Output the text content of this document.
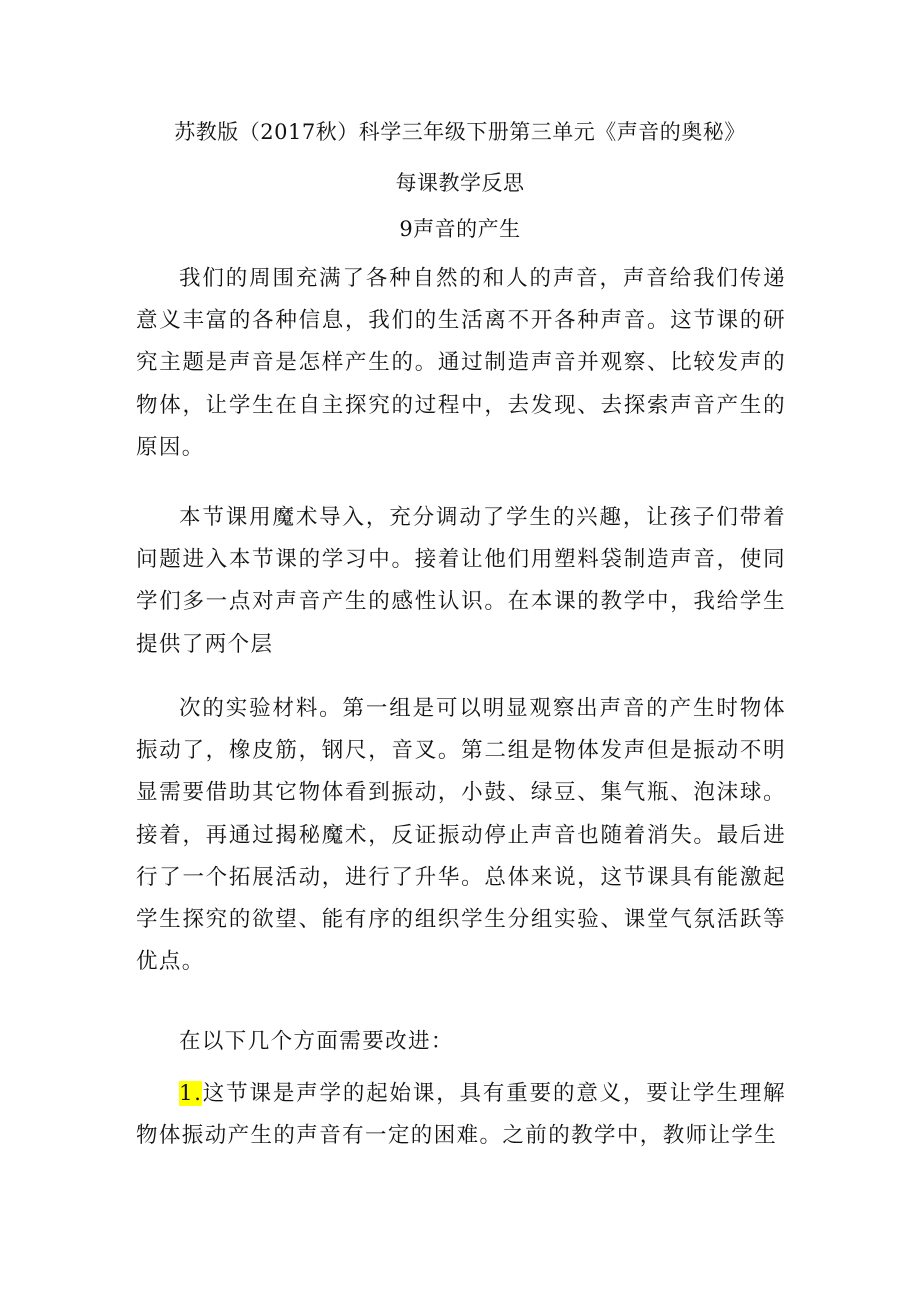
苏教版（2017秋）科学三年级下册第三单元《声音的奥秘》
每课教学反思
9声音的产生

我们的周围充满了各种自然的和人的声音，声音给我们传递意义丰富的各种信息，我们的生活离不开各种声音。这节课的研究主题是声音是怎样产生的。通过制造声音并观察、比较发声的物体，让学生在自主探究的过程中，去发现、去探索声音产生的原因。

本节课用魔术导入，充分调动了学生的兴趣，让孩子们带着问题进入本节课的学习中。接着让他们用塑料袋制造声音，使同学们多一点对声音产生的感性认识。在本课的教学中，我给学生提供了两个层

次的实验材料。第一组是可以明显观察出声音的产生时物体振动了，橡皮筋，钢尺，音叉。第二组是物体发声但是振动不明显需要借助其它物体看到振动，小鼓、绿豆、集气瓶、泡沫球。接着，再通过揭秘魔术，反证振动停止声音也随着消失。最后进行了一个拓展活动，进行了升华。总体来说，这节课具有能激起学生探究的欲望、能有序的组织学生分组实验、课堂气氛活跃等优点。

在以下几个方面需要改进：

1.这节课是声学的起始课，具有重要的意义，要让学生理解物体振动产生的声音有一定的困难。之前的教学中，教师让学生
